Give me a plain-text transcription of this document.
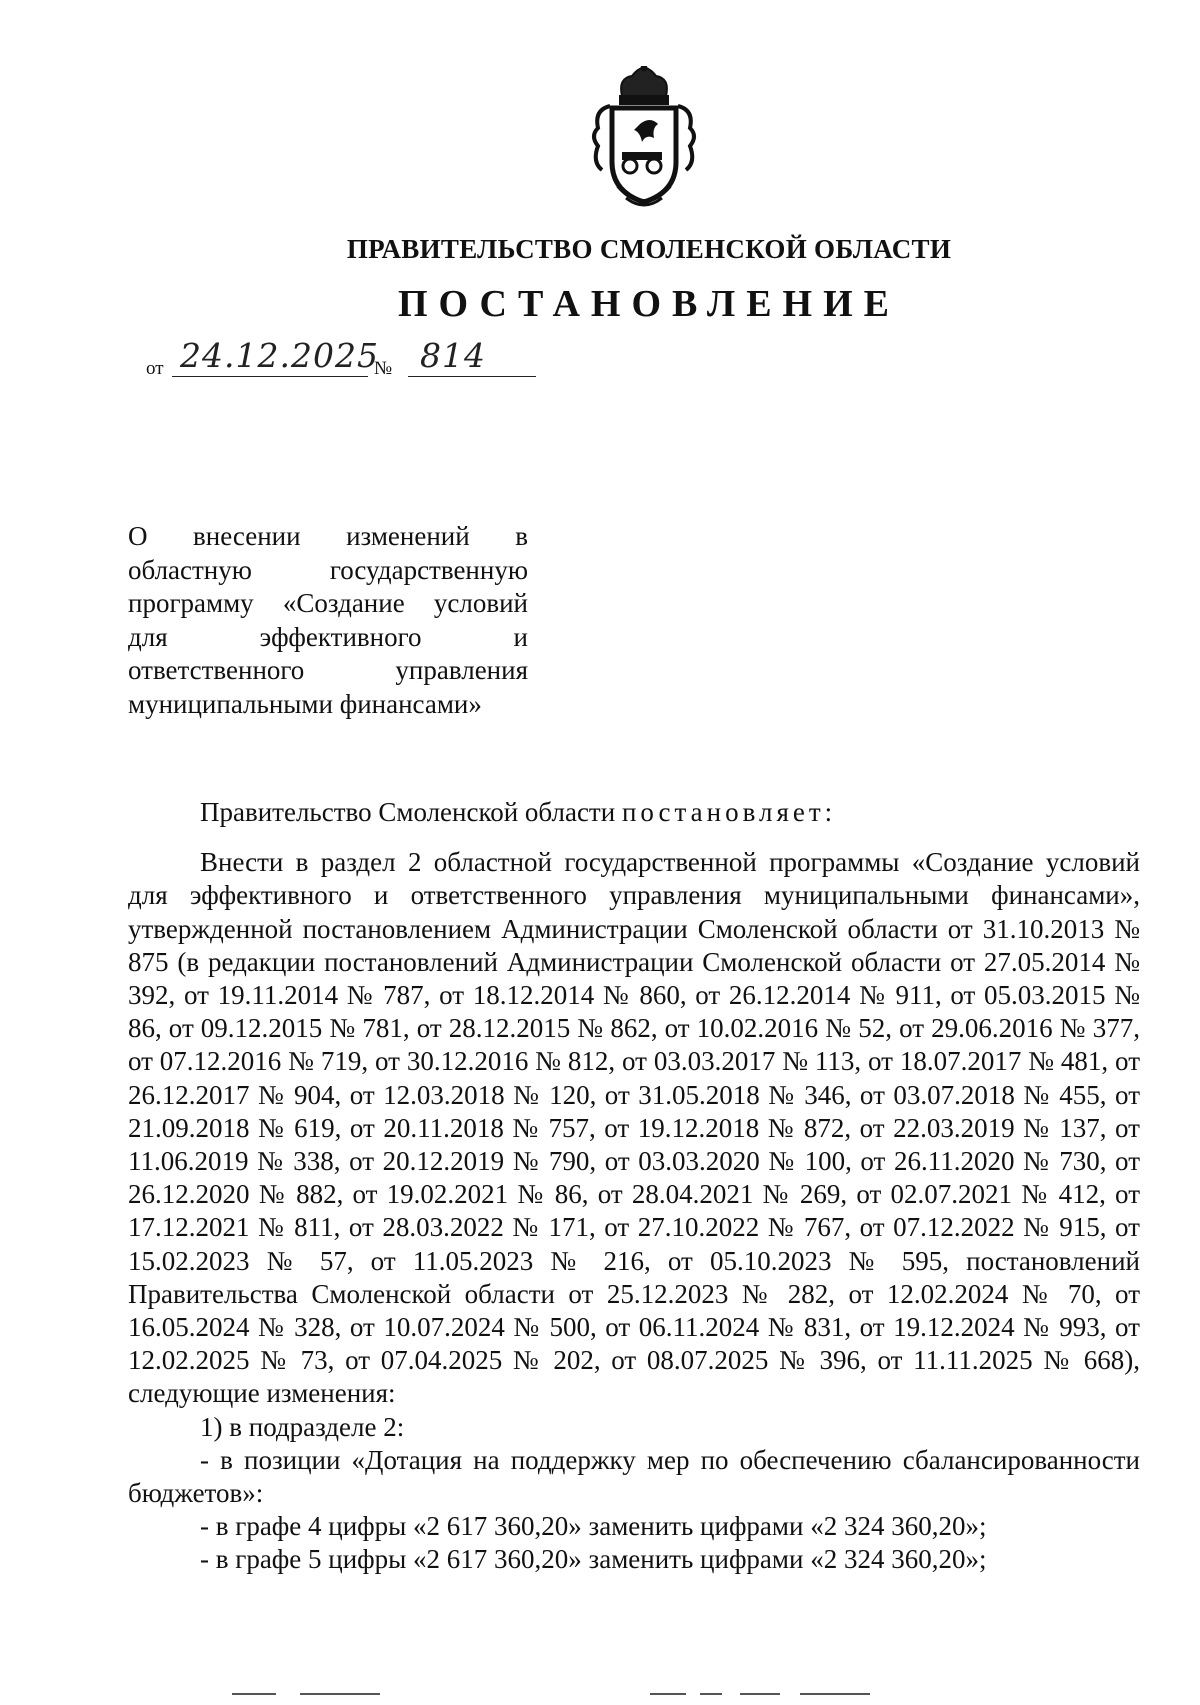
ПРАВИТЕЛЬСТВО СМОЛЕНСКОЙ ОБЛАСТИ
ПОСТАНОВЛЕНИЕ
от 24.12.2025
№ 814
О внесении изменений в
областную государственную
программу «Создание условий
для эффективного и
ответственного управления
муниципальными финансами»
Правительство Смоленской области постановляет:
Внести в раздел 2 областной государственной программы «Создание условий для эффективного и ответственного управления муниципальными финансами», утвержденной постановлением Администрации Смоленской области от 31.10.2013 № 875 (в редакции постановлений Администрации Смоленской области от 27.05.2014 № 392, от 19.11.2014 № 787, от 18.12.2014 № 860, от 26.12.2014 № 911, от 05.03.2015 № 86, от 09.12.2015 № 781, от 28.12.2015 № 862, от 10.02.2016 № 52, от 29.06.2016 № 377, от 07.12.2016 № 719, от 30.12.2016 № 812, от 03.03.2017 № 113, от 18.07.2017 № 481, от 26.12.2017 № 904, от 12.03.2018 № 120, от 31.05.2018 № 346, от 03.07.2018 № 455, от 21.09.2018 № 619, от 20.11.2018 № 757, от 19.12.2018 № 872, от 22.03.2019 № 137, от 11.06.2019 № 338, от 20.12.2019 № 790, от 03.03.2020 № 100, от 26.11.2020 № 730, от 26.12.2020 № 882, от 19.02.2021 № 86, от 28.04.2021 № 269, от 02.07.2021 № 412, от 17.12.2021 № 811, от 28.03.2022 № 171, от 27.10.2022 № 767, от 07.12.2022 № 915, от 15.02.2023 № 57, от 11.05.2023 № 216, от 05.10.2023 № 595, постановлений Правительства Смоленской области от 25.12.2023 № 282, от 12.02.2024 № 70, от 16.05.2024 № 328, от 10.07.2024 № 500, от 06.11.2024 № 831, от 19.12.2024 № 993, от 12.02.2025 № 73, от 07.04.2025 № 202, от 08.07.2025 № 396, от 11.11.2025 № 668), следующие изменения:
1) в подразделе 2:
- в позиции «Дотация на поддержку мер по обеспечению сбалансированности бюджетов»:
- в графе 4 цифры «2 617 360,20» заменить цифрами «2 324 360,20»;
- в графе 5 цифры «2 617 360,20» заменить цифрами «2 324 360,20»;
